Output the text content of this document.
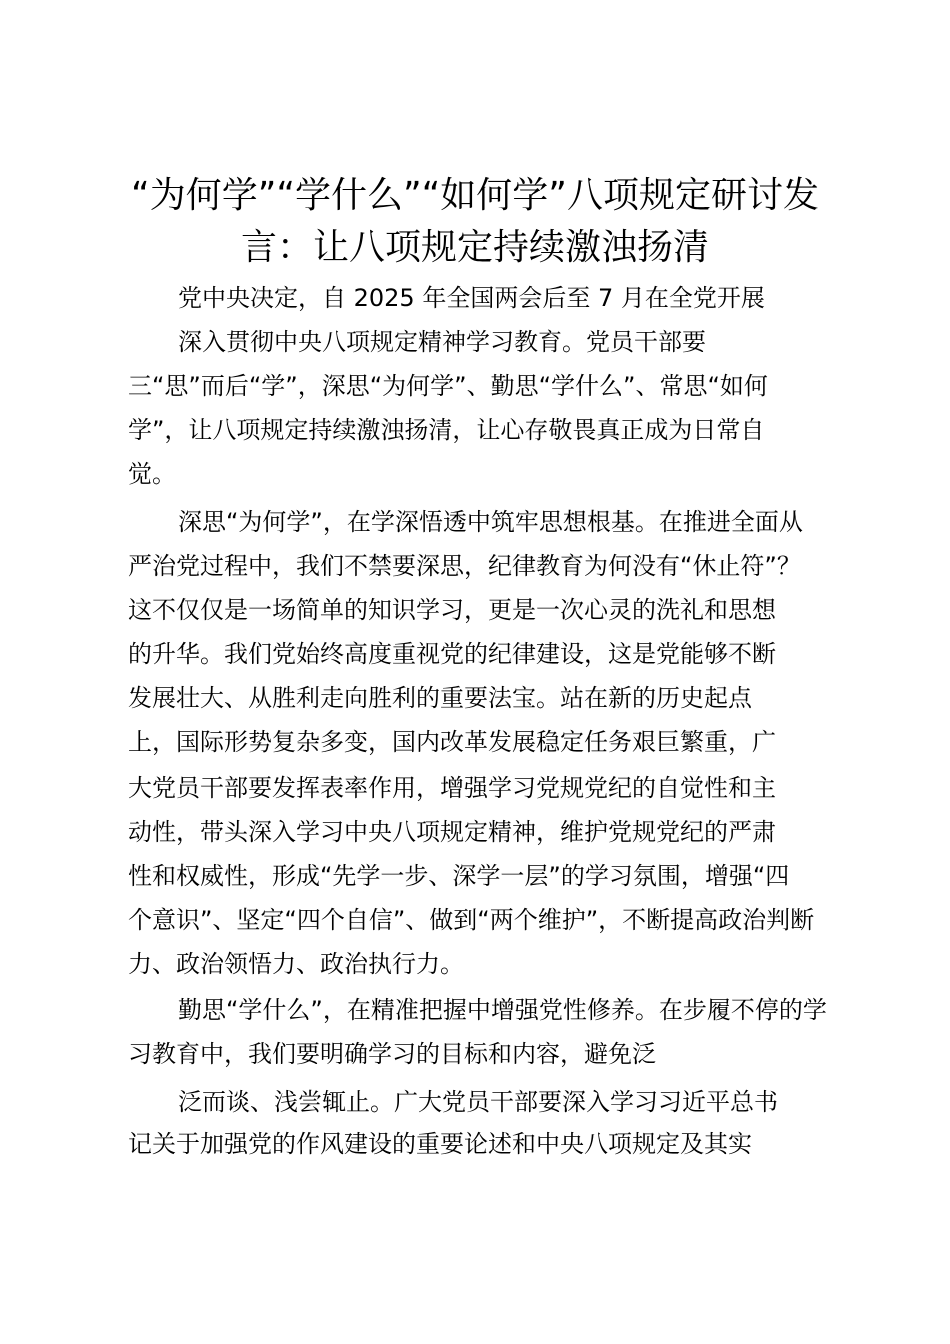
“为何学”“学什么”“如何学”八项规定研讨发
言：让八项规定持续激浊扬清
党中央决定，自 2025 年全国两会后至 7 月在全党开展
深入贯彻中央八项规定精神学习教育。党员干部要
三“思”而后“学”，深思“为何学”、勤思“学什么”、常思“如何
学”，让八项规定持续激浊扬清，让心存敬畏真正成为日常自
觉。
深思“为何学”，在学深悟透中筑牢思想根基。在推进全面从
严治党过程中，我们不禁要深思，纪律教育为何没有“休止符”？
这不仅仅是一场简单的知识学习，更是一次心灵的洗礼和思想
的升华。我们党始终高度重视党的纪律建设，这是党能够不断
发展壮大、从胜利走向胜利的重要法宝。站在新的历史起点
上，国际形势复杂多变，国内改革发展稳定任务艰巨繁重，广
大党员干部要发挥表率作用，增强学习党规党纪的自觉性和主
动性，带头深入学习中央八项规定精神，维护党规党纪的严肃
性和权威性，形成“先学一步、深学一层”的学习氛围，增强“四
个意识”、坚定“四个自信”、做到“两个维护”，不断提高政治判断
力、政治领悟力、政治执行力。
勤思“学什么”，在精准把握中增强党性修养。在步履不停的学
习教育中，我们要明确学习的目标和内容，避免泛
泛而谈、浅尝辄止。广大党员干部要深入学习习近平总书
记关于加强党的作风建设的重要论述和中央八项规定及其实
